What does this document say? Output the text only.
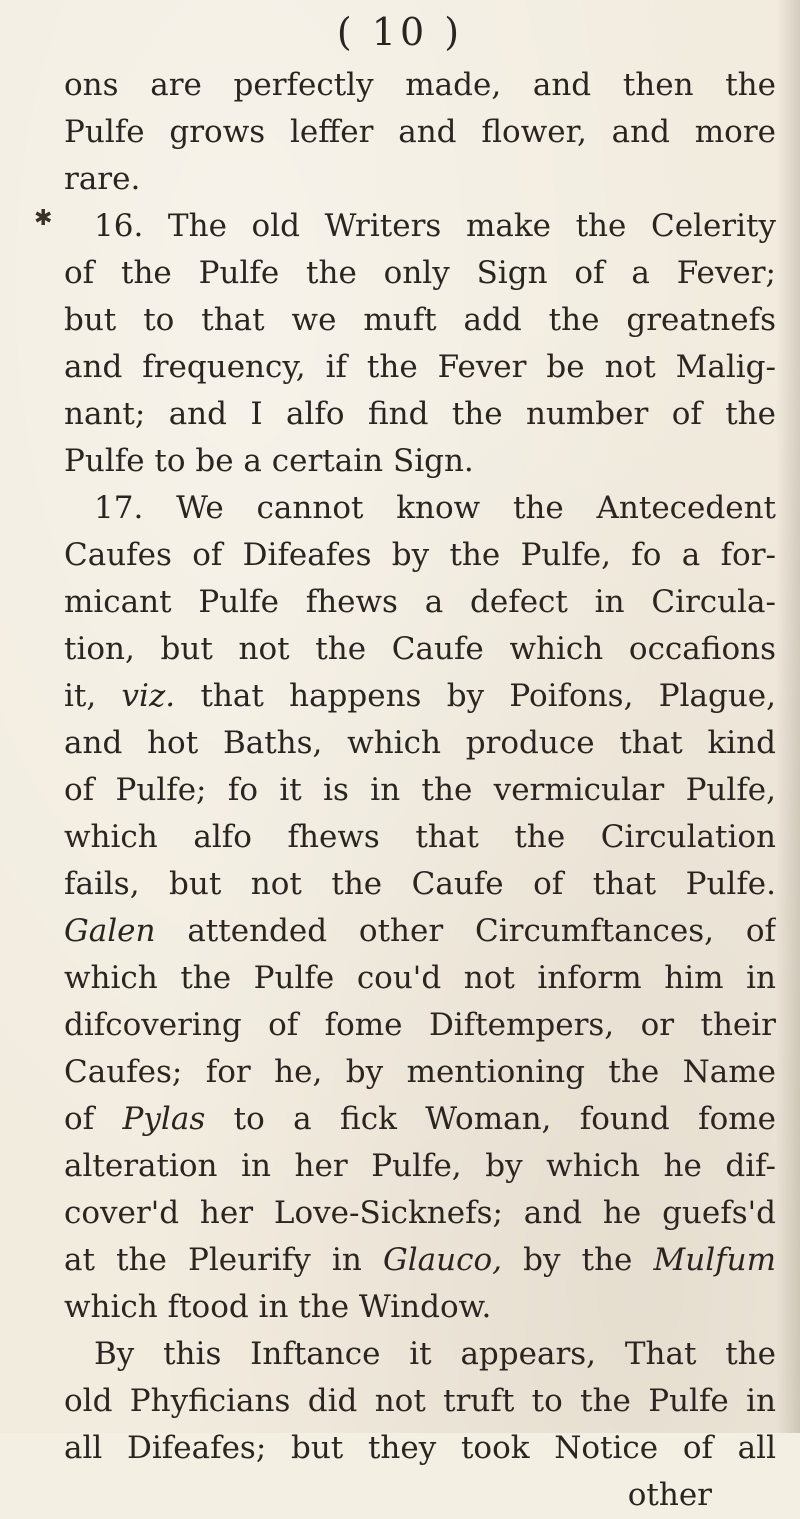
( 10 )
✱
ons are perfectly made, and then the
Pulfe grows leffer and flower, and more
rare.
16. The old Writers make the Celerity
of the Pulfe the only Sign of a Fever;
but to that we muft add the greatnefs
and frequency, if the Fever be not Malig-
nant; and I alfo find the number of the
Pulfe to be a certain Sign.
17. We cannot know the Antecedent
Caufes of Difeafes by the Pulfe, fo a for-
micant Pulfe fhews a defect in Circula-
tion, but not the Caufe which occafions
it, viz. that happens by Poifons, Plague,
and hot Baths, which produce that kind
of Pulfe; fo it is in the vermicular Pulfe,
which alfo fhews that the Circulation
fails, but not the Caufe of that Pulfe.
Galen attended other Circumftances, of
which the Pulfe cou'd not inform him in
difcovering of fome Diftempers, or their
Caufes; for he, by mentioning the Name
of Pylas to a fick Woman, found fome
alteration in her Pulfe, by which he dif-
cover'd her Love-Sicknefs; and he guefs'd
at the Pleurify in Glauco, by the Mulfum
which ftood in the Window.
By this Inftance it appears, That the
old Phyficians did not truft to the Pulfe in
all Difeafes; but they took Notice of all
other
